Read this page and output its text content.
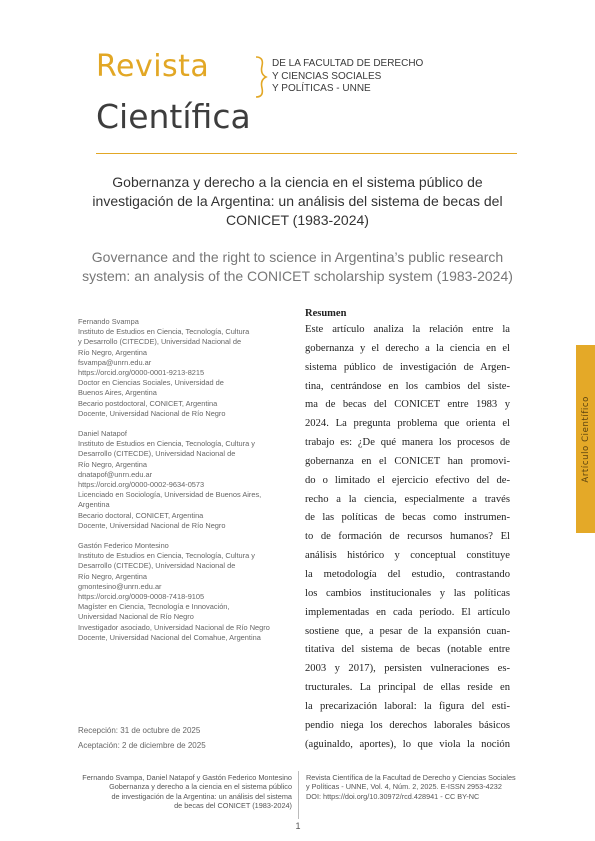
Revista
Científica
DE LA FACULTAD DE DERECHO
Y CIENCIAS SOCIALES
Y POLÍTICAS - UNNE
Gobernanza y derecho a la ciencia en el sistema público de investigación de la Argentina: un análisis del sistema de becas del CONICET (1983-2024)
Governance and the right to science in Argentina’s public research system: an analysis of the CONICET scholarship system (1983-2024)
Fernando Svampa
Instituto de Estudios en Ciencia, Tecnología, Cultura
y Desarrollo (CITECDE), Universidad Nacional de
Río Negro, Argentina
fsvampa@unrn.edu.ar
https://orcid.org/0000-0001-9213-8215
Doctor en Ciencias Sociales, Universidad de
Buenos Aires, Argentina
Becario postdoctoral, CONICET, Argentina
Docente, Universidad Nacional de Río Negro
Daniel Natapof
Instituto de Estudios en Ciencia, Tecnología, Cultura y
Desarrollo (CITECDE), Universidad Nacional de
Río Negro, Argentina
dnatapof@unrn.edu.ar
https://orcid.org/0000-0002-9634-0573
Licenciado en Sociología, Universidad de Buenos Aires,
Argentina
Becario doctoral, CONICET, Argentina
Docente, Universidad Nacional de Río Negro
Gastón Federico Montesino
Instituto de Estudios en Ciencia, Tecnología, Cultura y
Desarrollo (CITECDE), Universidad Nacional de
Río Negro, Argentina
gmontesino@unrn.edu.ar
https://orcid.org/0009-0008-7418-9105
Magíster en Ciencia, Tecnología e Innovación,
Universidad Nacional de Río Negro
Investigador asociado, Universidad Nacional de Río Negro
Docente, Universidad Nacional del Comahue, Argentina
Recepción: 31 de octubre de 2025
Aceptación: 2 de diciembre de 2025
Resumen
Este artículo analiza la relación entre la
gobernanza y el derecho a la ciencia en el
sistema público de investigación de Argen-
tina, centrándose en los cambios del siste-
ma de becas del CONICET entre 1983 y
2024. La pregunta problema que orienta el
trabajo es: ¿De qué manera los procesos de
gobernanza en el CONICET han promovi-
do o limitado el ejercicio efectivo del de-
recho a la ciencia, especialmente a través
de las políticas de becas como instrumen-
to de formación de recursos humanos? El
análisis histórico y conceptual constituye
la metodología del estudio, contrastando
los cambios institucionales y las políticas
implementadas en cada período. El artículo
sostiene que, a pesar de la expansión cuan-
titativa del sistema de becas (notable entre
2003 y 2017), persisten vulneraciones es-
tructurales. La principal de ellas reside en
la precarización laboral: la figura del esti-
pendio niega los derechos laborales básicos
(aguinaldo, aportes), lo que viola la noción
Artículo Científico
Fernando Svampa, Daniel Natapof y Gastón Federico Montesino
Gobernanza y derecho a la ciencia en el sistema público
de investigación de la Argentina: un análisis del sistema
de becas del CONICET (1983-2024)
Revista Científica de la Facultad de Derecho y Ciencias Sociales
y Políticas - UNNE, Vol. 4, Núm. 2, 2025. E-ISSN 2953-4232
DOI: https://doi.org/10.30972/rcd.428941 - CC BY-NC
1
